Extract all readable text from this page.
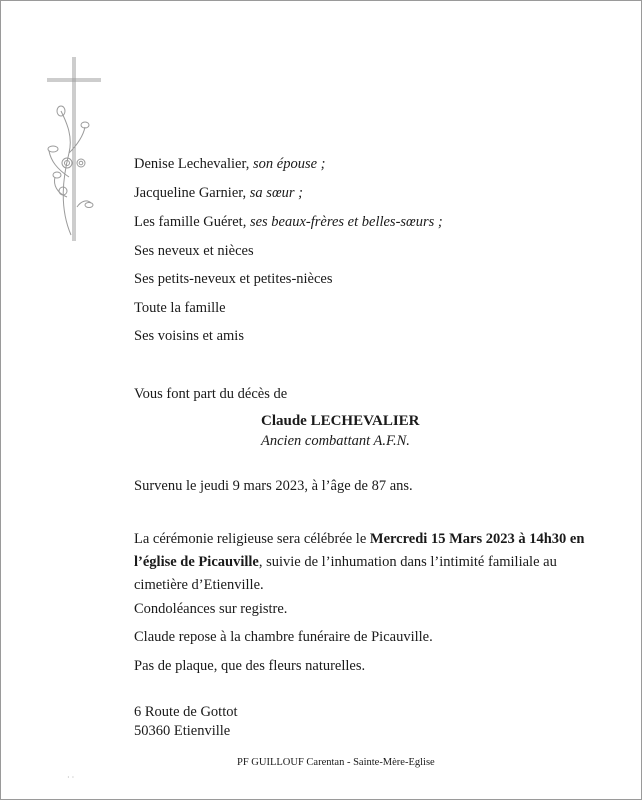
Denise Lechevalier, son épouse ;
Jacqueline Garnier, sa sœur ;
Les famille Guéret, ses beaux-frères et belles-sœurs ;
Ses neveux et nièces
Ses petits-neveux et petites-nièces
Toute la famille
Ses voisins et amis
Vous font part du décès de
Claude LECHEVALIER
Ancien combattant A.F.N.
Survenu le jeudi 9 mars 2023, à l’âge de 87 ans.
La cérémonie religieuse sera célébrée le Mercredi 15 Mars 2023 à 14h30 en l’église de Picauville, suivie de l’inhumation dans l’intimité familiale au cimetière d’Etienville.
Condoléances sur registre.
Claude repose à la chambre funéraire de Picauville.
Pas de plaque, que des fleurs naturelles.
6 Route de Gottot
50360 Etienville
PF GUILLOUF Carentan - Sainte-Mère-Eglise
· ·
